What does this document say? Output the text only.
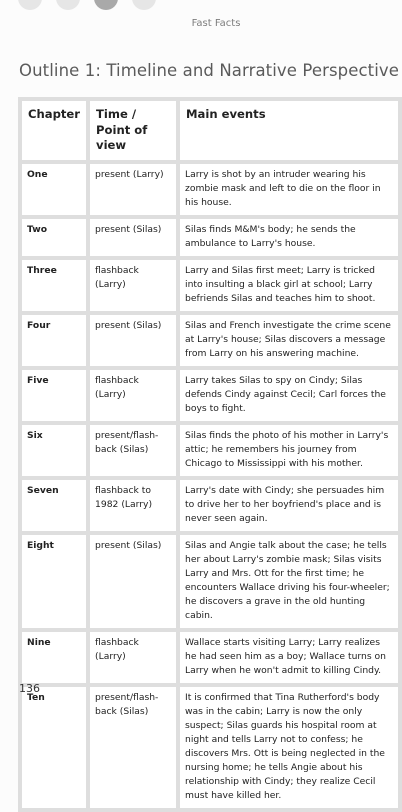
Fast Facts
Outline 1: Timeline and Narrative Perspective
Chapter	Time / Point of view	Main events
One	present (Larry)	Larry is shot by an intruder wearing his zombie mask and left to die on the floor in his house.
Two	present (Silas)	Silas finds M&M's body; he sends the ambulance to Larry's house.
Three	flashback (Larry)	Larry and Silas first meet; Larry is tricked into insulting a black girl at school; Larry befriends Silas and teaches him to shoot.
Four	present (Silas)	Silas and French investigate the crime scene at Larry's house; Silas discovers a message from Larry on his answering machine.
Five	flashback (Larry)	Larry takes Silas to spy on Cindy; Silas defends Cindy against Cecil; Carl forces the boys to fight.
Six	present/flash-back (Silas)	Silas finds the photo of his mother in Larry's attic; he remembers his journey from Chicago to Mississippi with his mother.
Seven	flashback to 1982 (Larry)	Larry's date with Cindy; she persuades him to drive her to her boyfriend's place and is never seen again.
Eight	present (Silas)	Silas and Angie talk about the case; he tells her about Larry's zombie mask; Silas visits Larry and Mrs. Ott for the first time; he encounters Wallace driving his four-wheeler; he discovers a grave in the old hunting cabin.
Nine	flashback (Larry)	Wallace starts visiting Larry; Larry realizes he had seen him as a boy; Wallace turns on Larry when he won't admit to killing Cindy.
Ten	present/flash-back (Silas)	It is confirmed that Tina Rutherford's body was in the cabin; Larry is now the only suspect; Silas guards his hospital room at night and tells Larry not to confess; he discovers Mrs. Ott is being neglected in the nursing home; he tells Angie about his relationship with Cindy; they realize Cecil must have killed her.
136
